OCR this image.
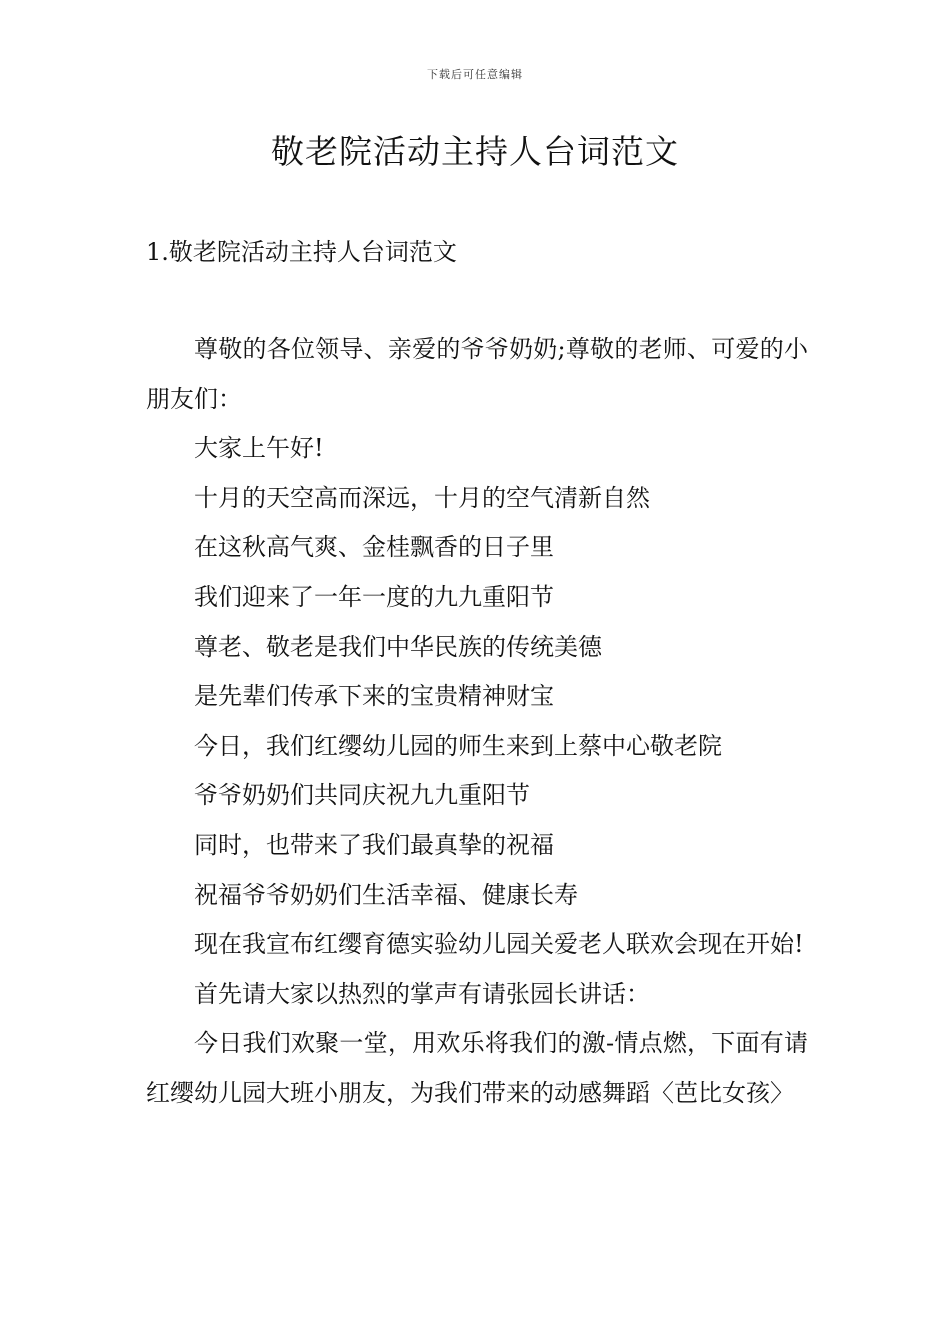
下载后可任意编辑
敬老院活动主持人台词范文
1.敬老院活动主持人台词范文

尊敬的各位领导、亲爱的爷爷奶奶;尊敬的老师、可爱的小朋友们：

大家上午好!

十月的天空高而深远，十月的空气清新自然

在这秋高气爽、金桂飘香的日子里

我们迎来了一年一度的九九重阳节

尊老、敬老是我们中华民族的传统美德

是先辈们传承下来的宝贵精神财宝

今日，我们红缨幼儿园的师生来到上蔡中心敬老院

爷爷奶奶们共同庆祝九九重阳节

同时，也带来了我们最真挚的祝福

祝福爷爷奶奶们生活幸福、健康长寿

现在我宣布红缨育德实验幼儿园关爱老人联欢会现在开始!

首先请大家以热烈的掌声有请张园长讲话：

今日我们欢聚一堂，用欢乐将我们的激-情点燃，下面有请红缨幼儿园大班小朋友，为我们带来的动感舞蹈〈芭比女孩〉
